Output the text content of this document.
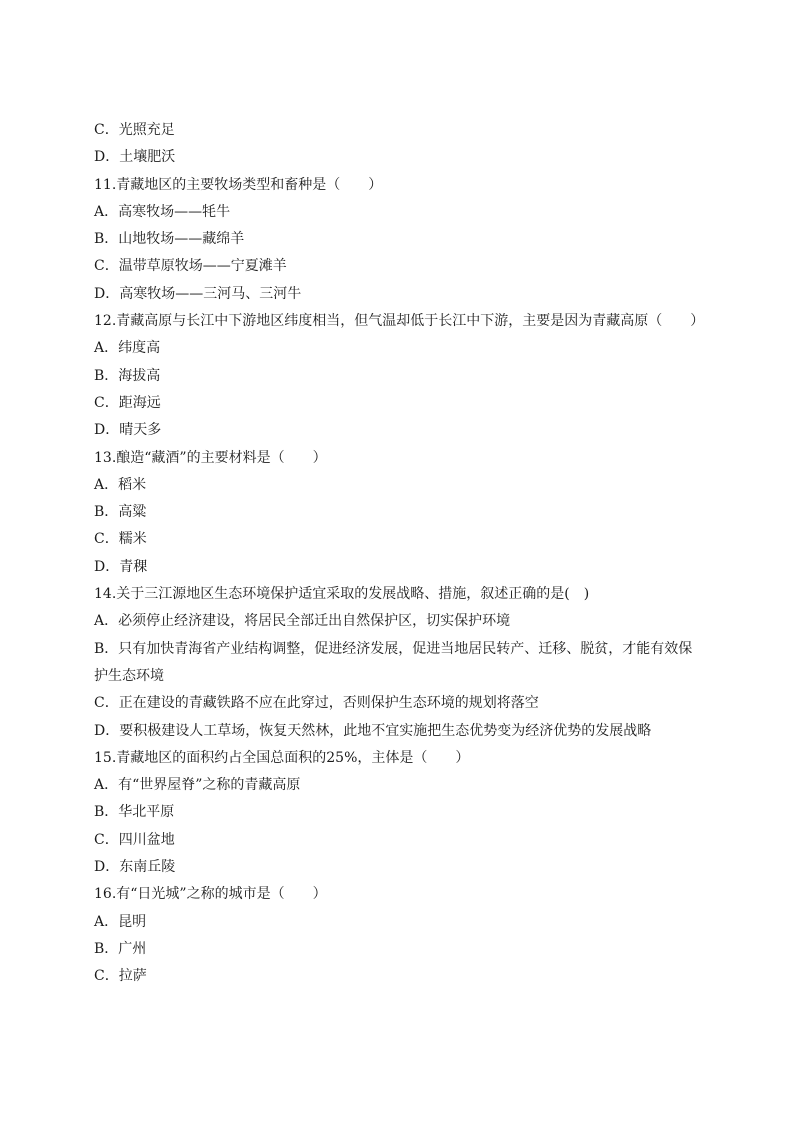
C．光照充足
D．土壤肥沃
11.青藏地区的主要牧场类型和畜种是（　　）
A．高寒牧场——牦牛
B．山地牧场——藏绵羊
C．温带草原牧场——宁夏滩羊
D．高寒牧场——三河马、三河牛
12.青藏高原与长江中下游地区纬度相当，但气温却低于长江中下游，主要是因为青藏高原（　　）
A．纬度高
B．海拔高
C．距海远
D．晴天多
13.酿造“藏酒”的主要材料是（　　）
A．稻米
B．高粱
C．糯米
D．青稞
14.关于三江源地区生态环境保护适宜采取的发展战略、措施，叙述正确的是(　)
A．必须停止经济建设，将居民全部迁出自然保护区，切实保护环境
B．只有加快青海省产业结构调整，促进经济发展，促进当地居民转产、迁移、脱贫，才能有效保
护生态环境
C．正在建设的青藏铁路不应在此穿过，否则保护生态环境的规划将落空
D．要积极建设人工草场，恢复天然林，此地不宜实施把生态优势变为经济优势的发展战略
15.青藏地区的面积约占全国总面积的25%，主体是（　　）
A．有“世界屋脊”之称的青藏高原
B．华北平原
C．四川盆地
D．东南丘陵
16.有“日光城”之称的城市是（　　）
A．昆明
B．广州
C．拉萨
